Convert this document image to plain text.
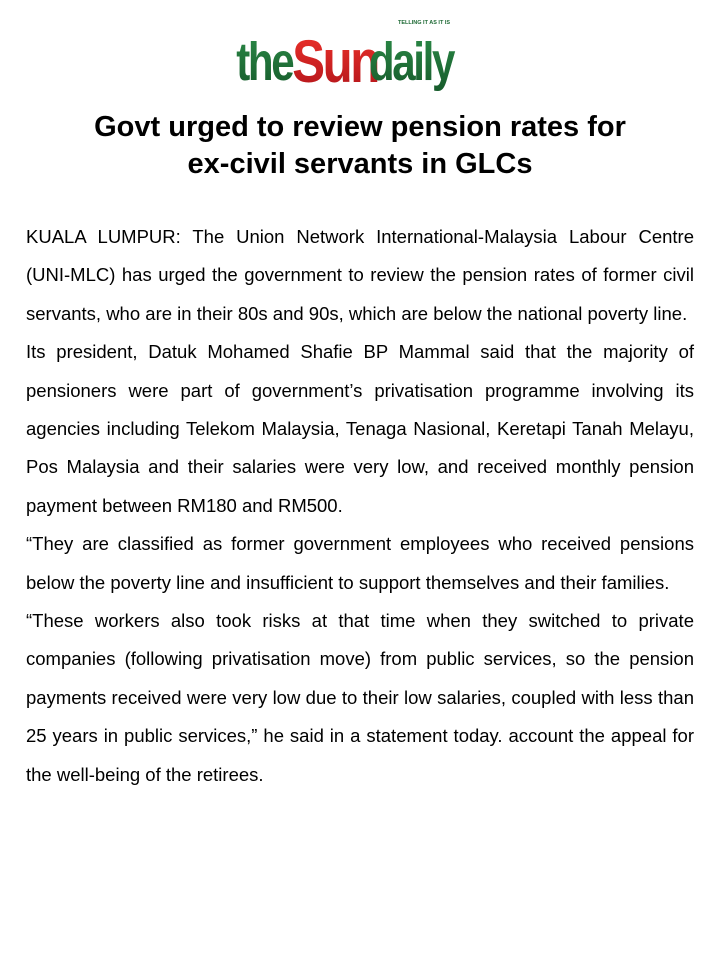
the Sun
TELLING IT AS IT IS
daily
Govt urged to review pension rates for
ex-civil servants in GLCs

KUALA LUMPUR: The Union Network International-Malaysia Labour Centre (UNI-MLC) has urged the government to review the pension rates of former civil servants, who are in their 80s and 90s, which are below the national poverty line.

Its president, Datuk Mohamed Shafie BP Mammal said that the majority of pensioners were part of government’s privatisation programme involving its agencies including Telekom Malaysia, Tenaga Nasional, Keretapi Tanah Melayu, Pos Malaysia and their salaries were very low, and received monthly pension payment between RM180 and RM500.

“They are classified as former government employees who received pensions below the poverty line and insufficient to support themselves and their families.

“These workers also took risks at that time when they switched to private companies (following privatisation move) from public services, so the pension payments received were very low due to their low salaries, coupled with less than 25 years in public services,” he said in a statement today. account the appeal for the well-being of the retirees.
